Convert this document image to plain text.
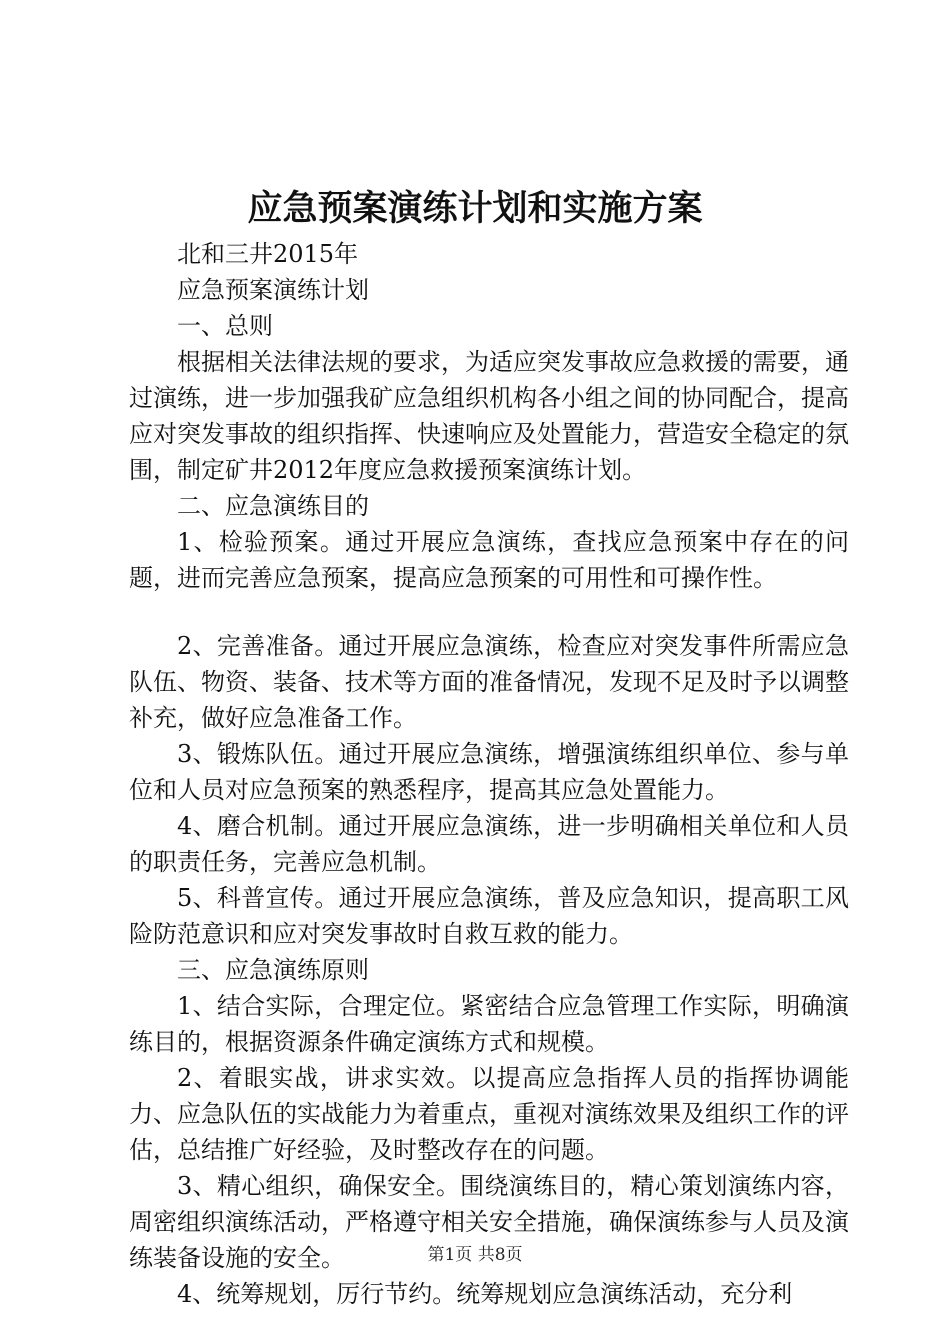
应急预案演练计划和实施方案

北和三井2015年

应急预案演练计划

一、总则

根据相关法律法规的要求，为适应突发事故应急救援的需要，通过演练，进一步加强我矿应急组织机构各小组之间的协同配合，提高应对突发事故的组织指挥、快速响应及处置能力，营造安全稳定的氛围，制定矿井2012年度应急救援预案演练计划。

二、应急演练目的

1、检验预案。通过开展应急演练，查找应急预案中存在的问题，进而完善应急预案，提高应急预案的可用性和可操作性。

2、完善准备。通过开展应急演练，检查应对突发事件所需应急队伍、物资、装备、技术等方面的准备情况，发现不足及时予以调整补充，做好应急准备工作。

3、锻炼队伍。通过开展应急演练，增强演练组织单位、参与单位和人员对应急预案的熟悉程序，提高其应急处置能力。

4、磨合机制。通过开展应急演练，进一步明确相关单位和人员的职责任务，完善应急机制。

5、科普宣传。通过开展应急演练，普及应急知识，提高职工风险防范意识和应对突发事故时自救互救的能力。

三、应急演练原则

1、结合实际，合理定位。紧密结合应急管理工作实际，明确演练目的，根据资源条件确定演练方式和规模。

2、着眼实战，讲求实效。以提高应急指挥人员的指挥协调能力、应急队伍的实战能力为着重点，重视对演练效果及组织工作的评估，总结推广好经验，及时整改存在的问题。

3、精心组织，确保安全。围绕演练目的，精心策划演练内容，周密组织演练活动，严格遵守相关安全措施，确保演练参与人员及演练装备设施的安全。

4、统筹规划，厉行节约。统筹规划应急演练活动，充分利

第1页 共8页
